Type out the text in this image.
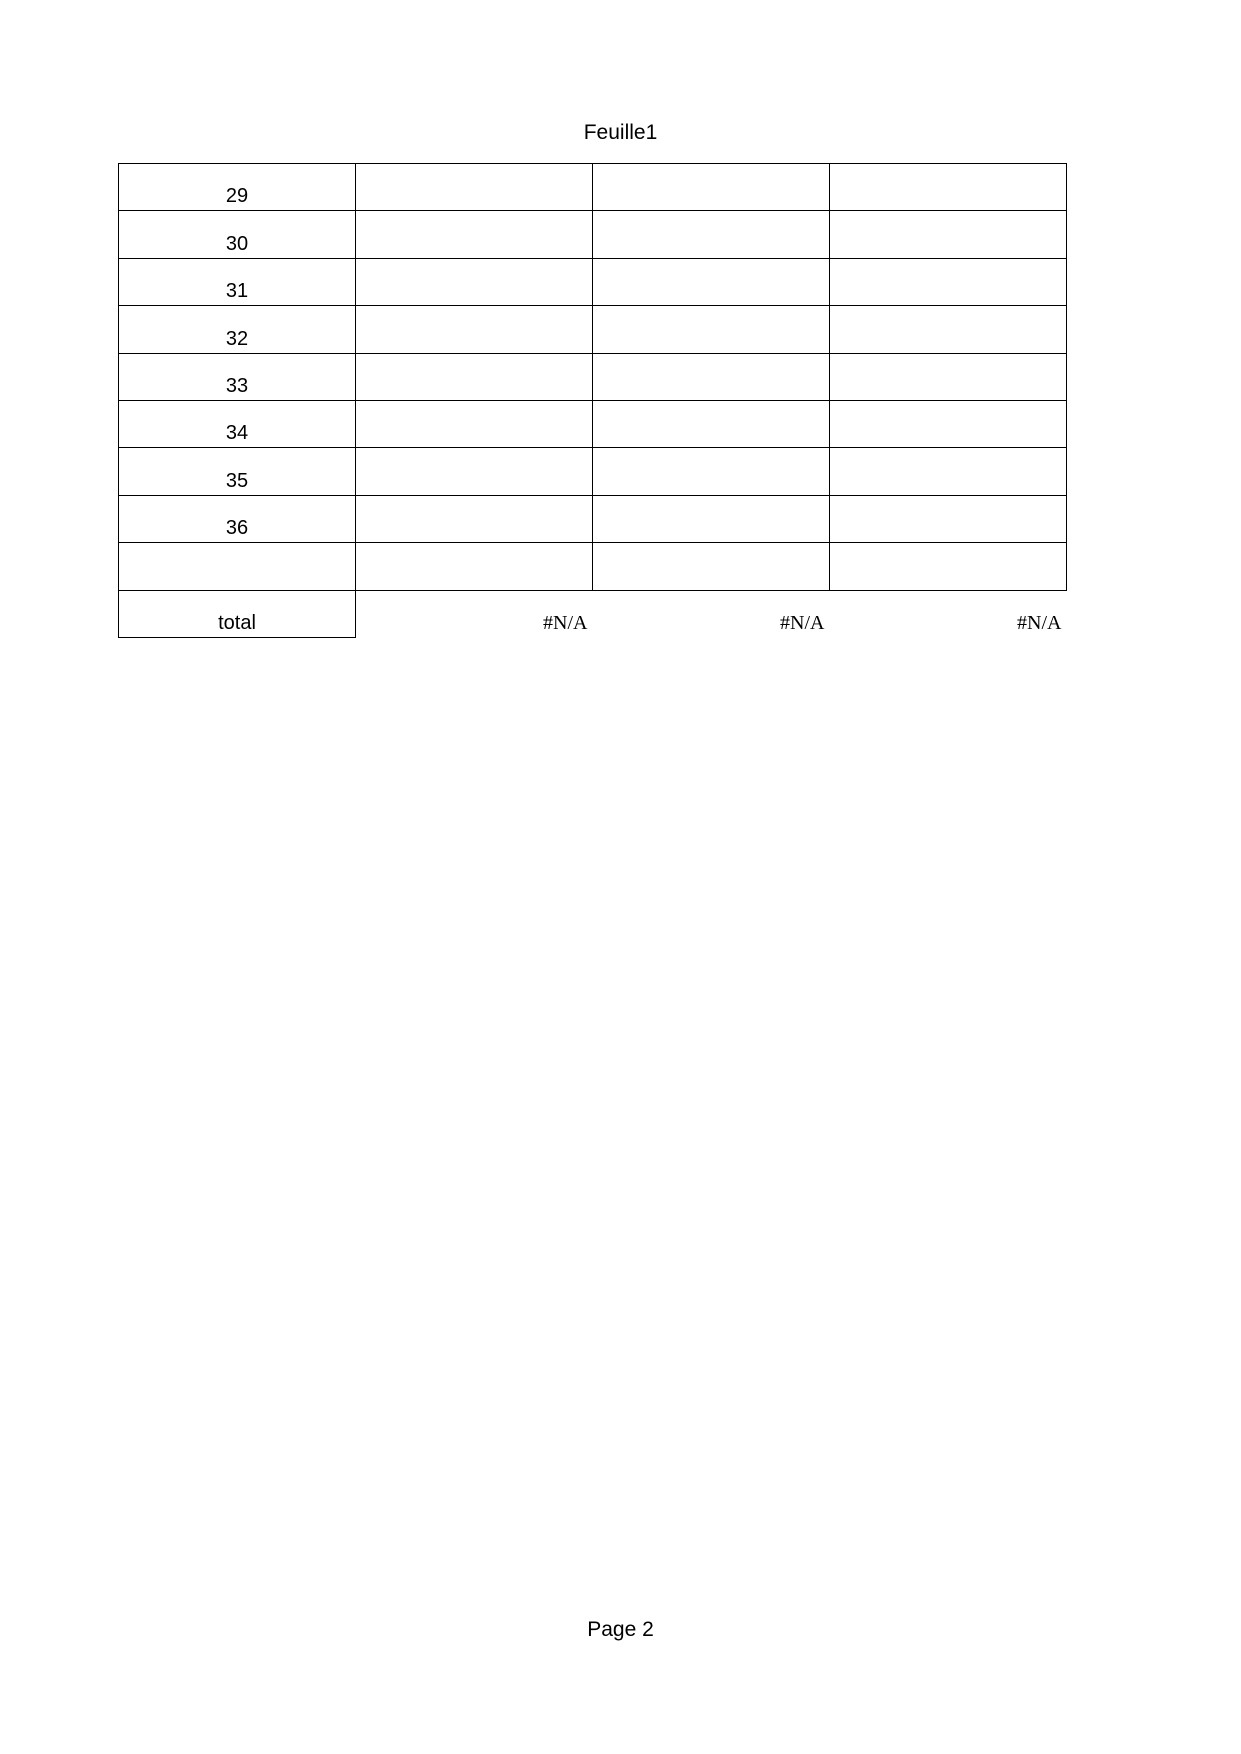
Feuille1
29			
30			
31			
32			
33			
34			
35			
36			

total	#N/A	#N/A	#N/A
Page 2
